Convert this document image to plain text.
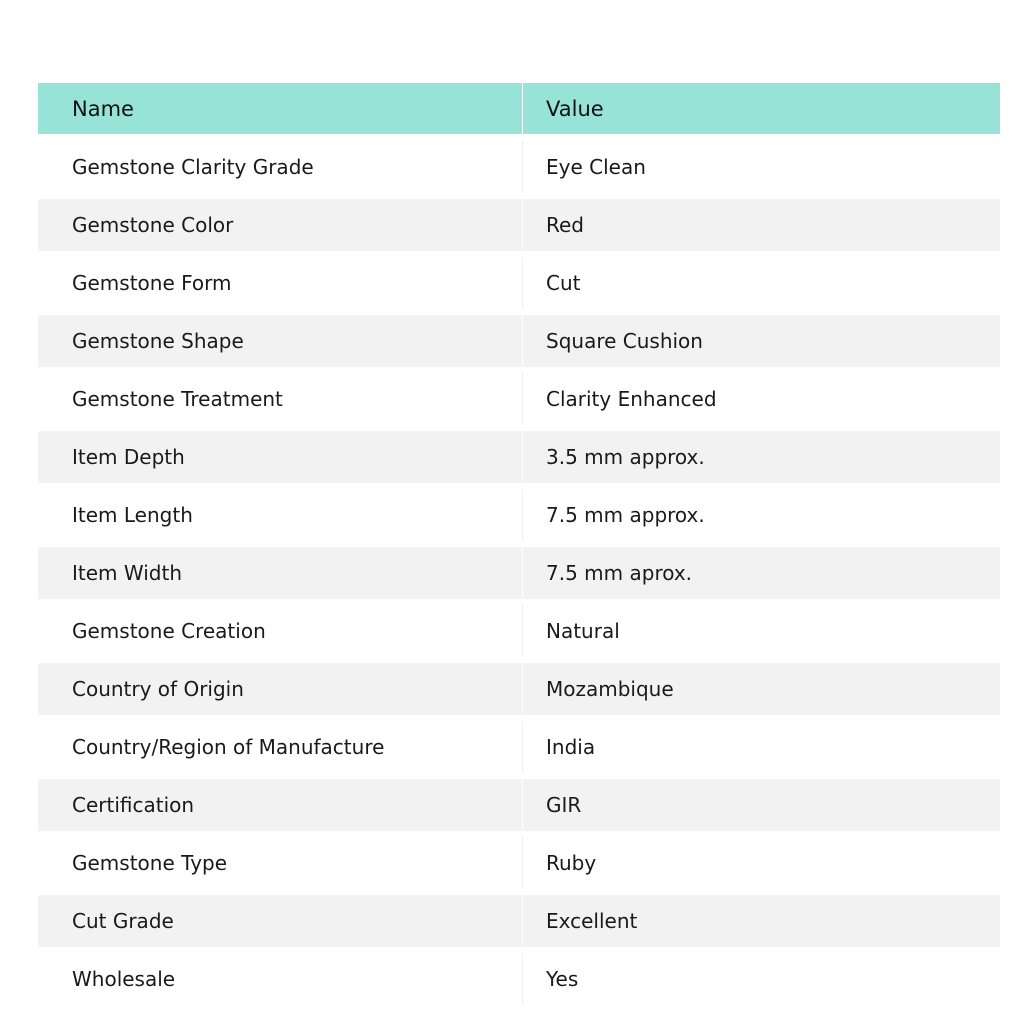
Name	Value
Gemstone Clarity Grade	Eye Clean
Gemstone Color	Red
Gemstone Form	Cut
Gemstone Shape	Square Cushion
Gemstone Treatment	Clarity Enhanced
Item Depth	3.5 mm approx.
Item Length	7.5 mm approx.
Item Width	7.5 mm aprox.
Gemstone Creation	Natural
Country of Origin	Mozambique
Country/Region of Manufacture	India
Certification	GIR
Gemstone Type	Ruby
Cut Grade	Excellent
Wholesale	Yes
